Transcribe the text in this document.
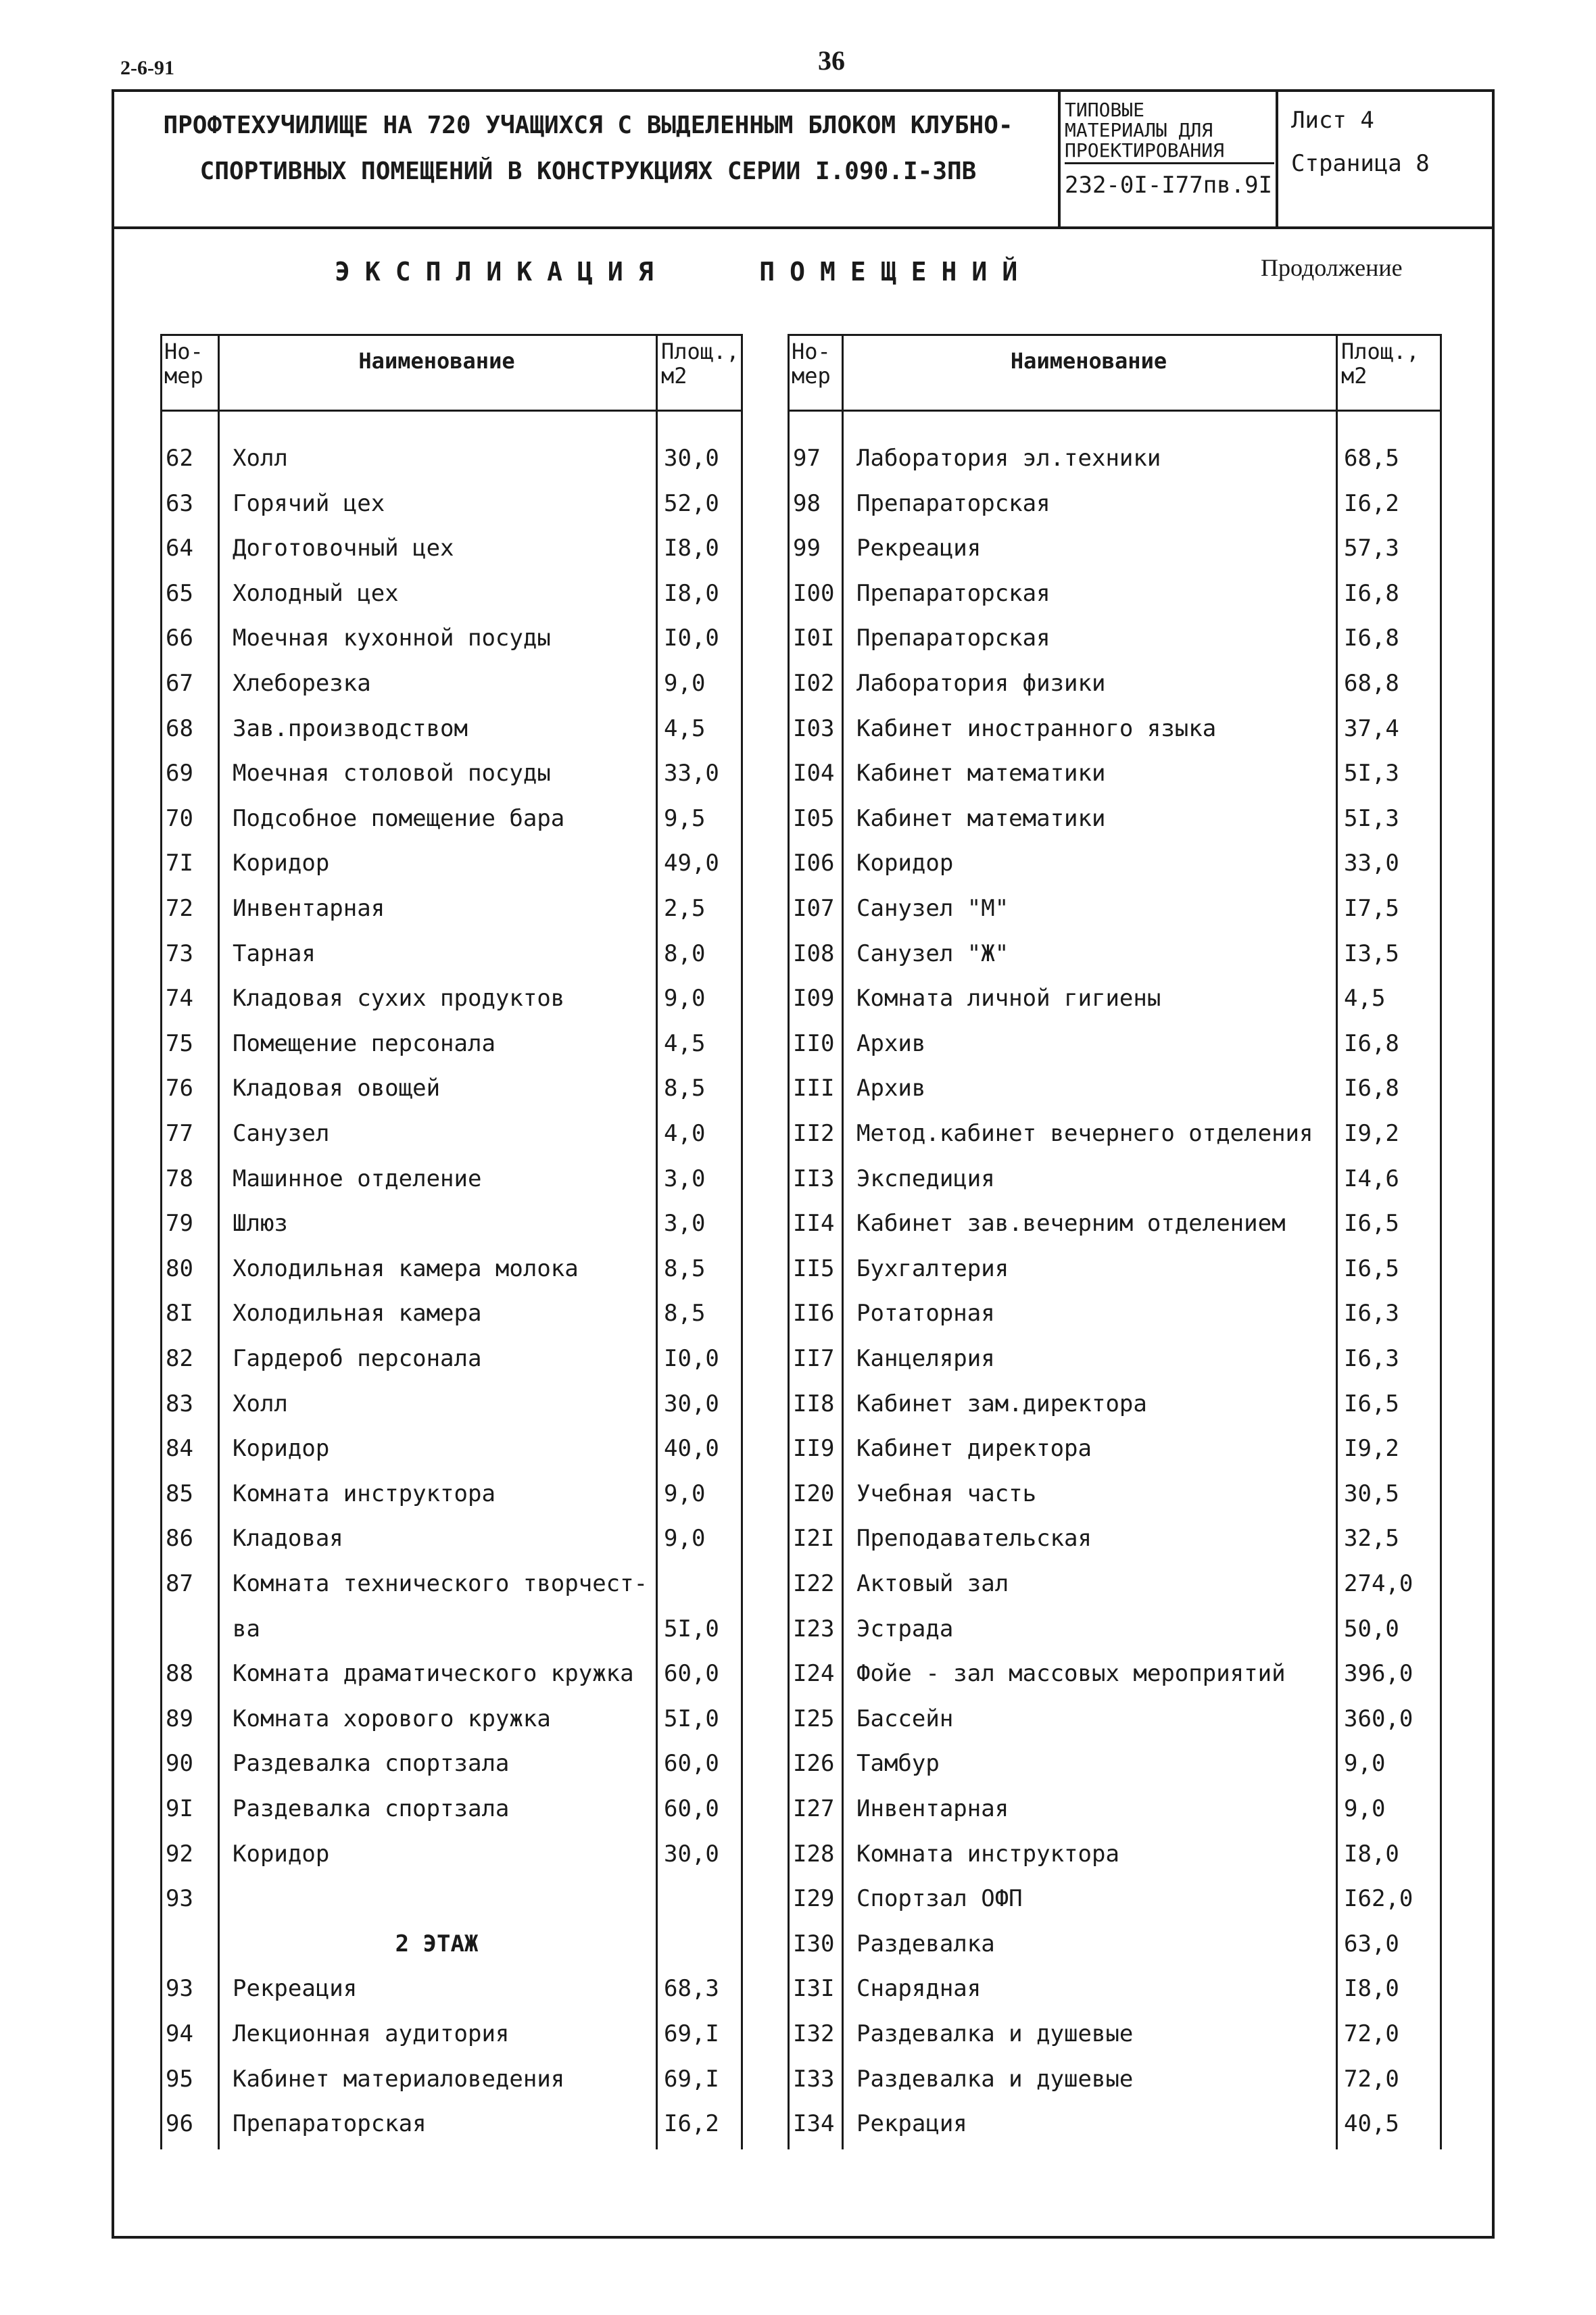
2-6-91	36
ПРОФТЕХУЧИЛИЩЕ НА 720 УЧАЩИХСЯ С ВЫДЕЛЕННЫМ БЛОКОМ КЛУБНО-
СПОРТИВНЫХ ПОМЕЩЕНИЙ В КОНСТРУКЦИЯХ СЕРИИ I.090.I-3ПВ
ТИПОВЫЕ
МАТЕРИАЛЫ ДЛЯ
ПРОЕКТИРОВАНИЯ
232-0I-I77пв.9I
Лист 4
Страница 8
ЭКСПЛИКАЦИЯ   ПОМЕЩЕНИЙ	Продолжение
Но-
мер
Наименование	Площ.,
м2
62 Холл	30,0
63 Горячий цех	52,0
64 Доготовочный цех	I8,0
65 Холодный цех	I8,0
66 Моечная кухонной посуды	I0,0
67 Хлеборезка	9,0
68 Зав.производством	4,5
69 Моечная столовой посуды	33,0
70 Подсобное помещение бара	9,5
7I Коридор	49,0
72 Инвентарная	2,5
73 Тарная	8,0
74 Кладовая сухих продуктов	9,0
75 Помещение персонала	4,5
76 Кладовая овощей	8,5
77 Санузел	4,0
78 Машинное отделение	3,0
79 Шлюз	3,0
80 Холодильная камера молока	8,5
8I Холодильная камера	8,5
82 Гардероб персонала	I0,0
83 Холл	30,0
84 Коридор	40,0
85 Комната инструктора	9,0
86 Кладовая	9,0
87 Комната технического творчест-
ва	5I,0
88 Комната драматического кружка 60,0
89 Комната хорового кружка	5I,0
90 Раздевалка спортзала	60,0
9I Раздевалка спортзала	60,0
92 Коридор	30,0
93
2 ЭТАЖ
93 Рекреация	68,3
94 Лекционная аудитория	69,I
95 Кабинет материаловедения	69,I
96 Препараторская	I6,2
Но-
мер
Наименование	Площ.,
м2
97 Лаборатория эл.техники	68,5
98 Препараторская	I6,2
99 Рекреация	57,3
I00 Препараторская	I6,8
I0I Препараторская	I6,8
I02 Лаборатория физики	68,8
I03 Кабинет иностранного языка	37,4
I04 Кабинет математики	5I,3
I05 Кабинет математики	5I,3
I06 Коридор	33,0
I07 Санузел "М"	I7,5
I08 Санузел "Ж"	I3,5
I09 Комната личной гигиены	4,5
II0 Архив	I6,8
III Архив	I6,8
II2 Метод.кабинет вечернего отделения I9,2
II3 Экспедиция	I4,6
II4 Кабинет зав.вечерним отделением	I6,5
II5 Бухгалтерия	I6,5
II6 Ротаторная	I6,3
II7 Канцелярия	I6,3
II8 Кабинет зам.директора	I6,5
II9 Кабинет директора	I9,2
I20 Учебная часть	30,5
I2I Преподавательская	32,5
I22 Актовый зал	274,0
I23 Эстрада	50,0
I24 Фойе - зал массовых мероприятий	396,0
I25 Бассейн	360,0
I26 Тамбур	9,0
I27 Инвентарная	9,0
I28 Комната инструктора	I8,0
I29 Спортзал ОФП	I62,0
I30 Раздевалка	63,0
I3I Снарядная	I8,0
I32 Раздевалка и душевые	72,0
I33 Раздевалка и душевые	72,0
I34 Рекрация	40,5
